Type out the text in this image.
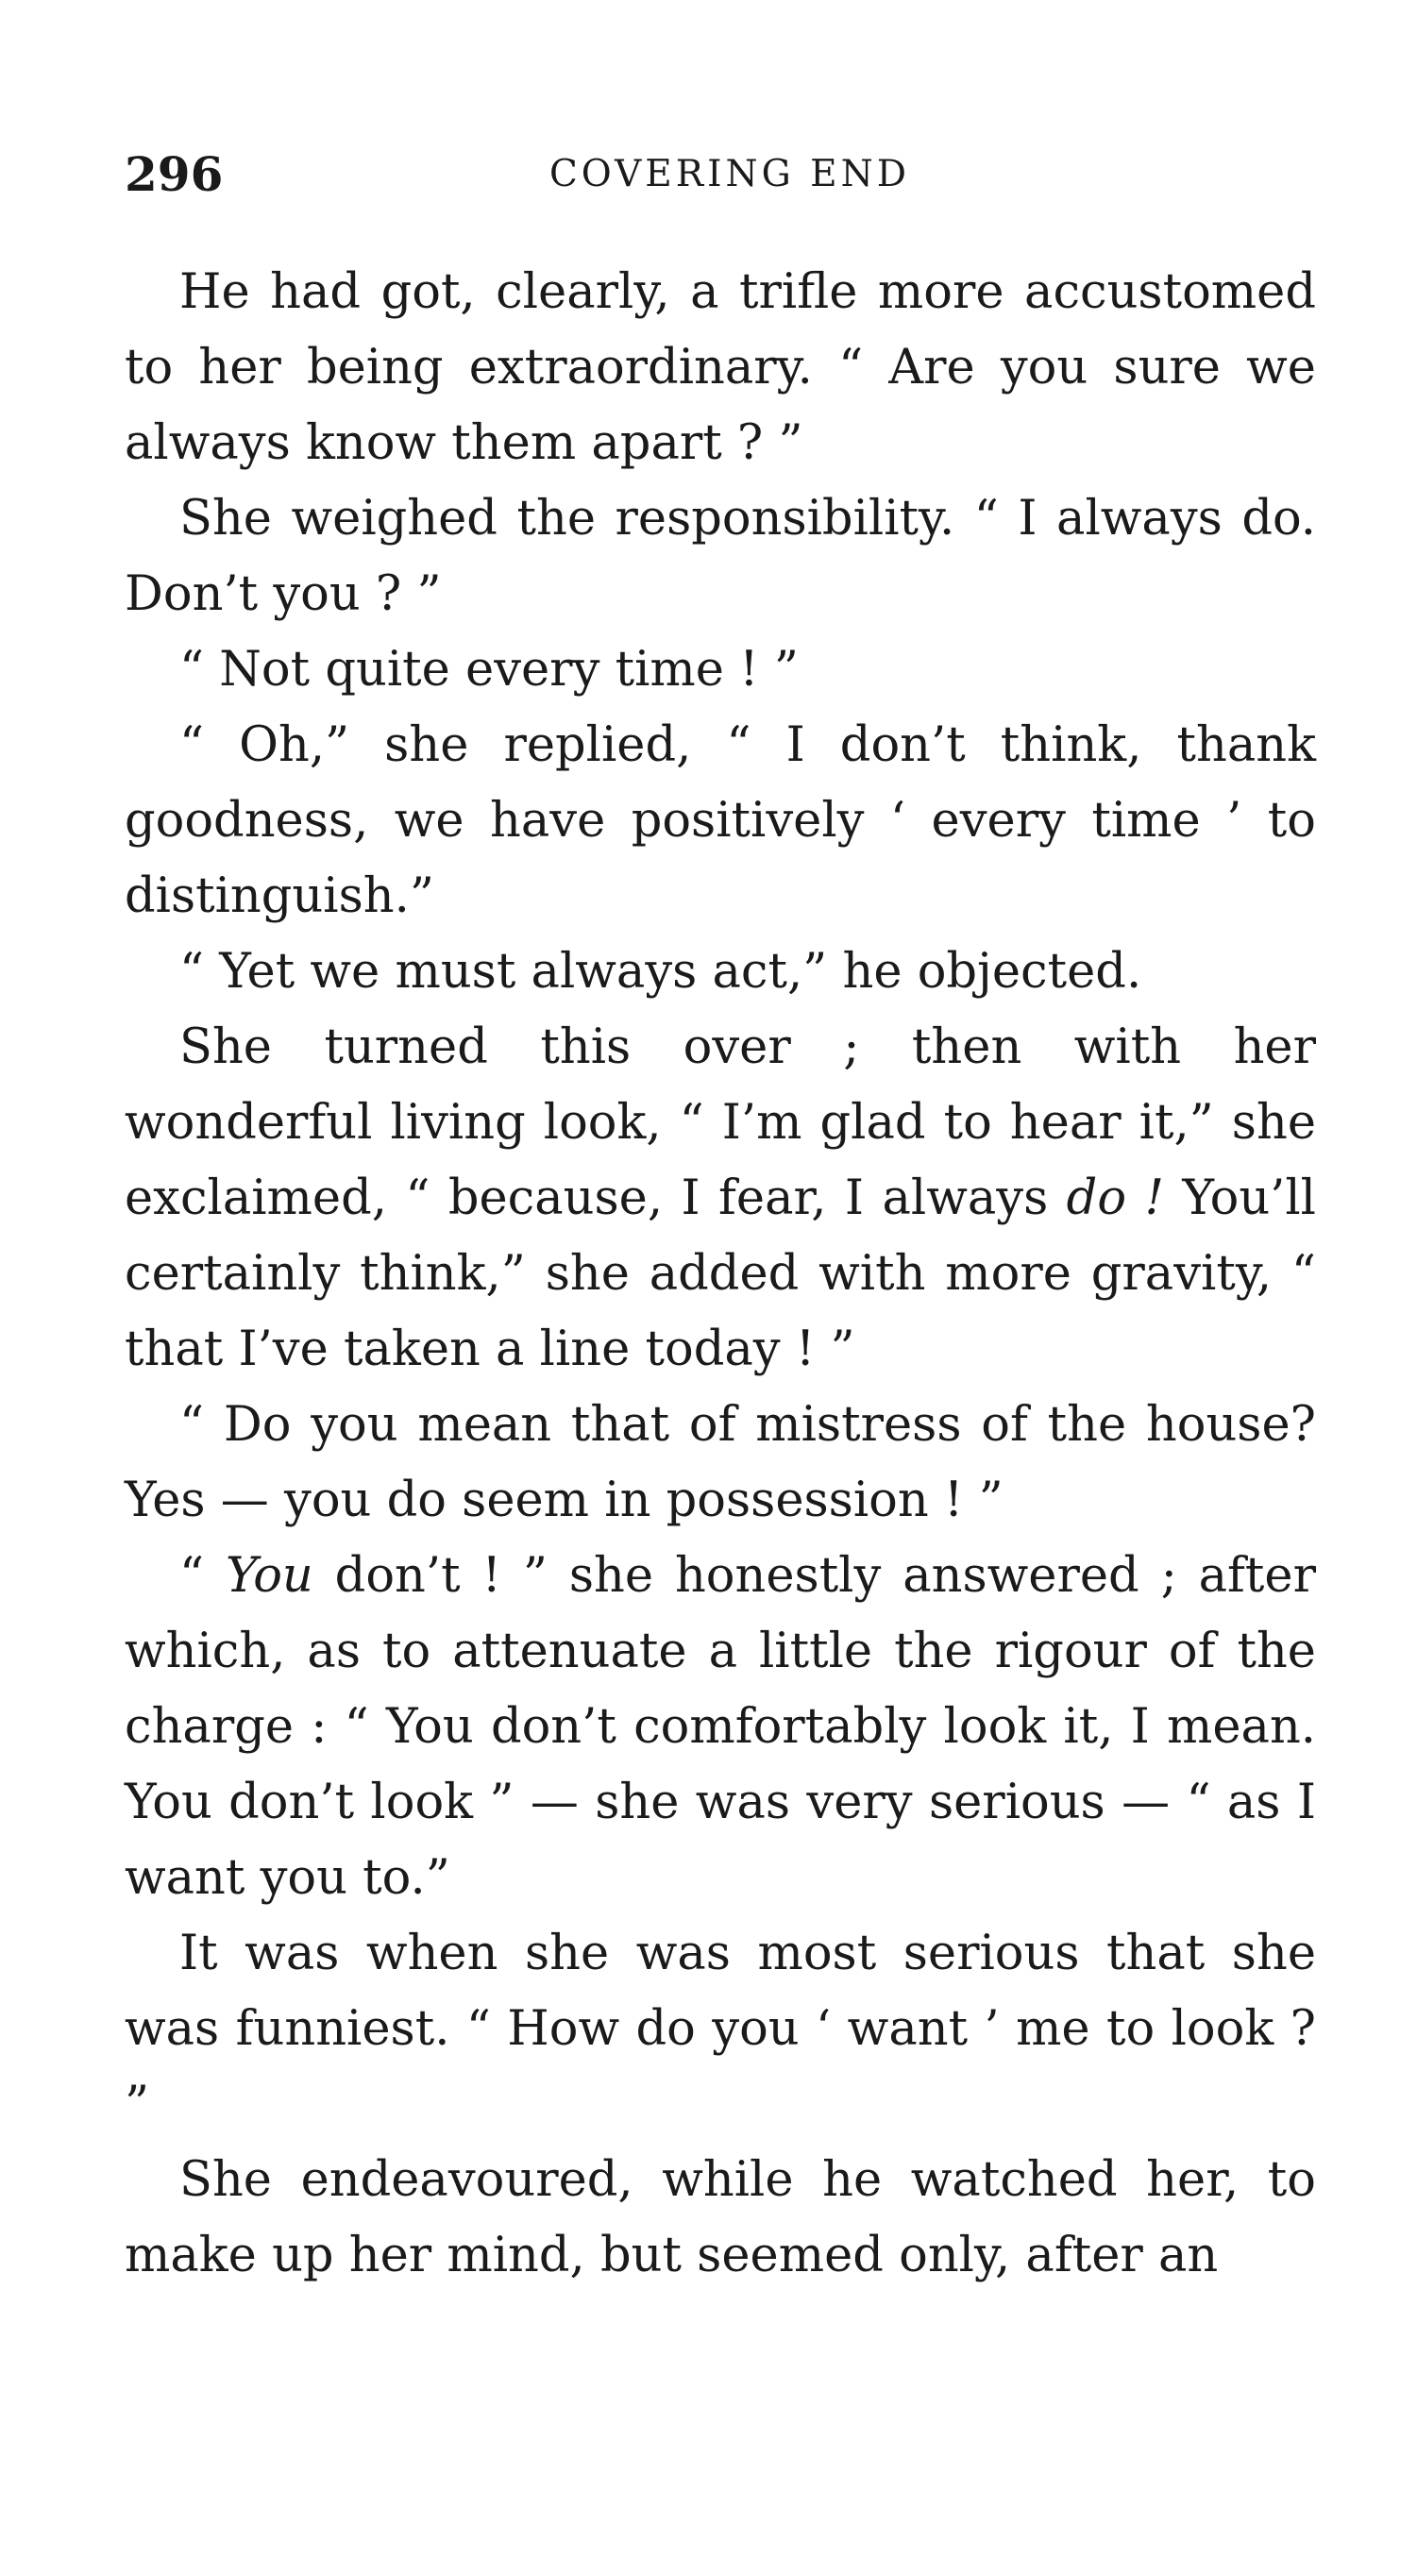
296	COVERING END

He had got, clearly, a trifle more accustomed to her being extraordinary. “ Are you sure we always know them apart ? ”

She weighed the responsibility. “ I always do. Don’t you ? ”

“ Not quite every time ! ”

“ Oh,” she replied, “ I don’t think, thank goodness, we have positively ‘ every time ’ to distinguish.”

“ Yet we must always act,” he objected.

She turned this over ; then with her wonderful living look, “ I’m glad to hear it,” she exclaimed, “ because, I fear, I always do ! You’ll certainly think,” she added with more gravity, “ that I’ve taken a line today ! ”

“ Do you mean that of mistress of the house? Yes — you do seem in possession ! ”

“ You don’t ! ” she honestly answered ; after which, as to attenuate a little the rigour of the charge : “ You don’t comfortably look it, I mean. You don’t look ” — she was very serious — “ as I want you to.”

It was when she was most serious that she was funniest. “ How do you ‘ want ’ me to look ? ”

She endeavoured, while he watched her, to make up her mind, but seemed only, after an
